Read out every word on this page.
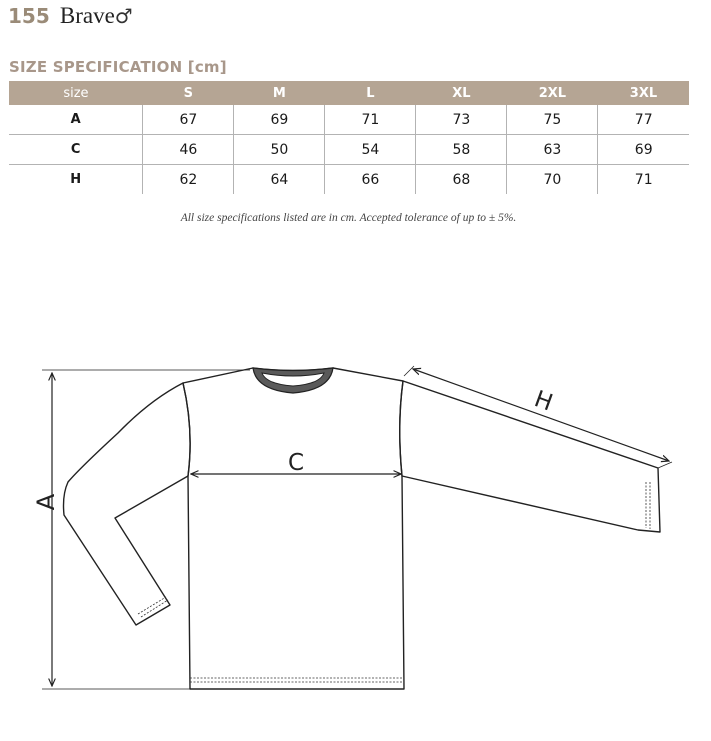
155 Brave♂
SIZE SPECIFICATION [cm]
size	S	M	L	XL	2XL	3XL
A	67	69	71	73	75	77
C	46	50	54	58	63	69
H	62	64	66	68	70	71
All size specifications listed are in cm. Accepted tolerance of up to ± 5%.
A
C
H
